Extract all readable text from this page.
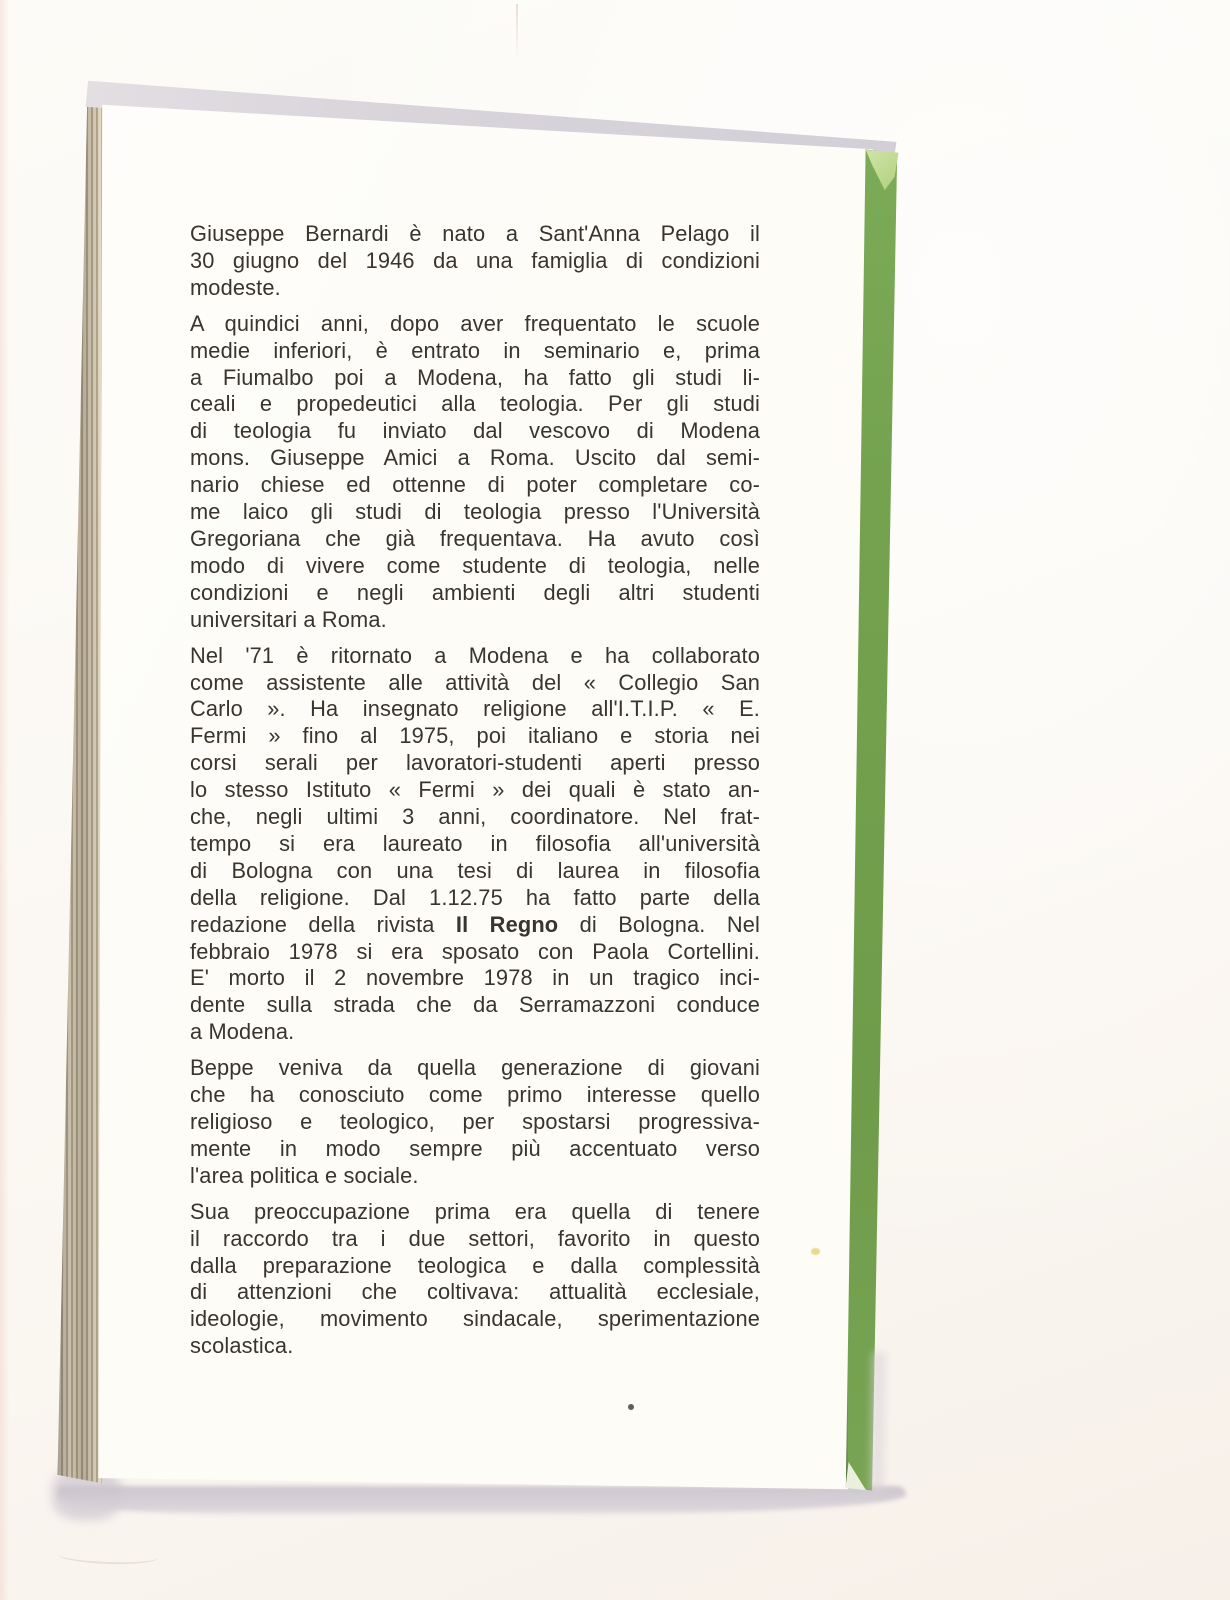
Giuseppe Bernardi è nato a Sant'Anna Pelago il
30 giugno del 1946 da una famiglia di condizioni
modeste.
A quindici anni, dopo aver frequentato le scuole
medie inferiori, è entrato in seminario e, prima
a Fiumalbo poi a Modena, ha fatto gli studi li-
ceali e propedeutici alla teologia. Per gli studi
di teologia fu inviato dal vescovo di Modena
mons. Giuseppe Amici a Roma. Uscito dal semi-
nario chiese ed ottenne di poter completare co-
me laico gli studi di teologia presso l'Università
Gregoriana che già frequentava. Ha avuto così
modo di vivere come studente di teologia, nelle
condizioni e negli ambienti degli altri studenti
universitari a Roma.
Nel '71 è ritornato a Modena e ha collaborato
come assistente alle attività del « Collegio San
Carlo ». Ha insegnato religione all'I.T.I.P. « E.
Fermi » fino al 1975, poi italiano e storia nei
corsi serali per lavoratori-studenti aperti presso
lo stesso Istituto « Fermi » dei quali è stato an-
che, negli ultimi 3 anni, coordinatore. Nel frat-
tempo si era laureato in filosofia all'università
di Bologna con una tesi di laurea in filosofia
della religione. Dal 1.12.75 ha fatto parte della
redazione della rivista Il Regno di Bologna. Nel
febbraio 1978 si era sposato con Paola Cortellini.
E' morto il 2 novembre 1978 in un tragico inci-
dente sulla strada che da Serramazzoni conduce
a Modena.
Beppe veniva da quella generazione di giovani
che ha conosciuto come primo interesse quello
religioso e teologico, per spostarsi progressiva-
mente in modo sempre più accentuato verso
l'area politica e sociale.
Sua preoccupazione prima era quella di tenere
il raccordo tra i due settori, favorito in questo
dalla preparazione teologica e dalla complessità
di attenzioni che coltivava: attualità ecclesiale,
ideologie, movimento sindacale, sperimentazione
scolastica.
